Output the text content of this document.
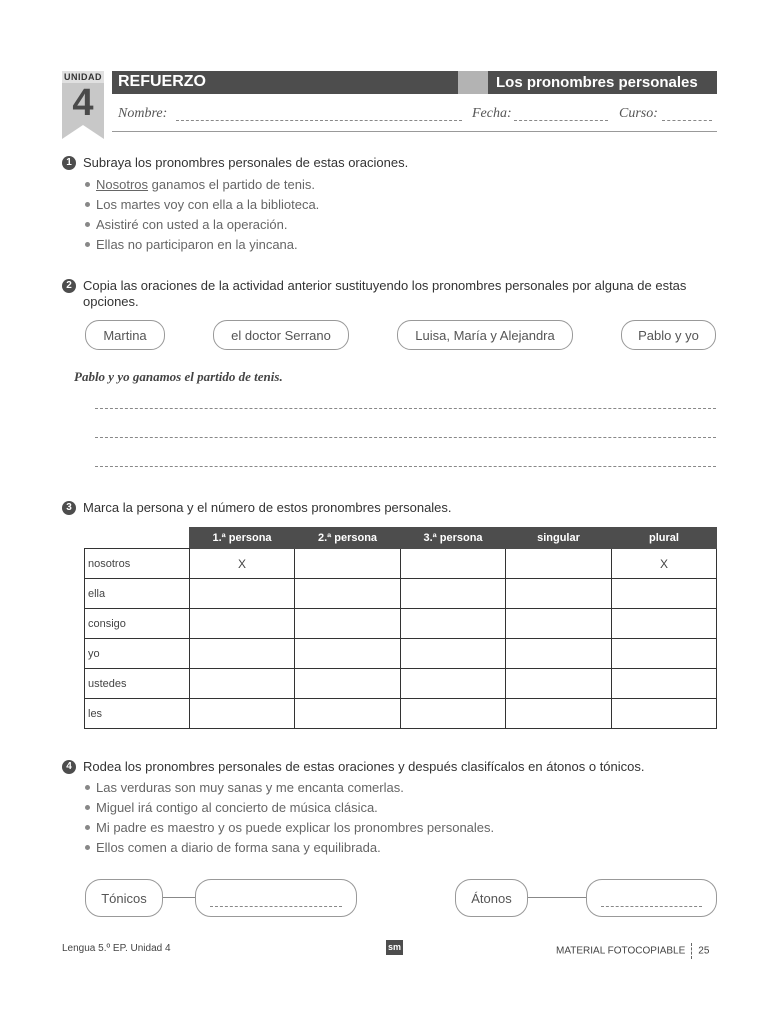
UNIDAD
4
REFUERZO	Los pronombres personales
Nombre:	Fecha:	Curso:
1 Subraya los pronombres personales de estas oraciones.
Nosotros ganamos el partido de tenis.
Los martes voy con ella a la biblioteca.
Asistiré con usted a la operación.
Ellas no participaron en la yincana.
2 Copia las oraciones de la actividad anterior sustituyendo los pronombres personales por alguna de estas
opciones.
Martina	el doctor Serrano	Luisa, María y Alejandra	Pablo y yo
Pablo y yo ganamos el partido de tenis.
3 Marca la persona y el número de estos pronombres personales.
	1.ª persona	2.ª persona	3.ª persona	singular	plural
nosotros	X				X
ella					
consigo					
yo					
ustedes					
les					
4 Rodea los pronombres personales de estas oraciones y después clasifícalos en átonos o tónicos.
Las verduras son muy sanas y me encanta comerlas.
Miguel irá contigo al concierto de música clásica.
Mi padre es maestro y os puede explicar los pronombres personales.
Ellos comen a diario de forma sana y equilibrada.
Tónicos	Átonos
Lengua 5.º EP. Unidad 4	sm	MATERIAL FOTOCOPIABLE 25
